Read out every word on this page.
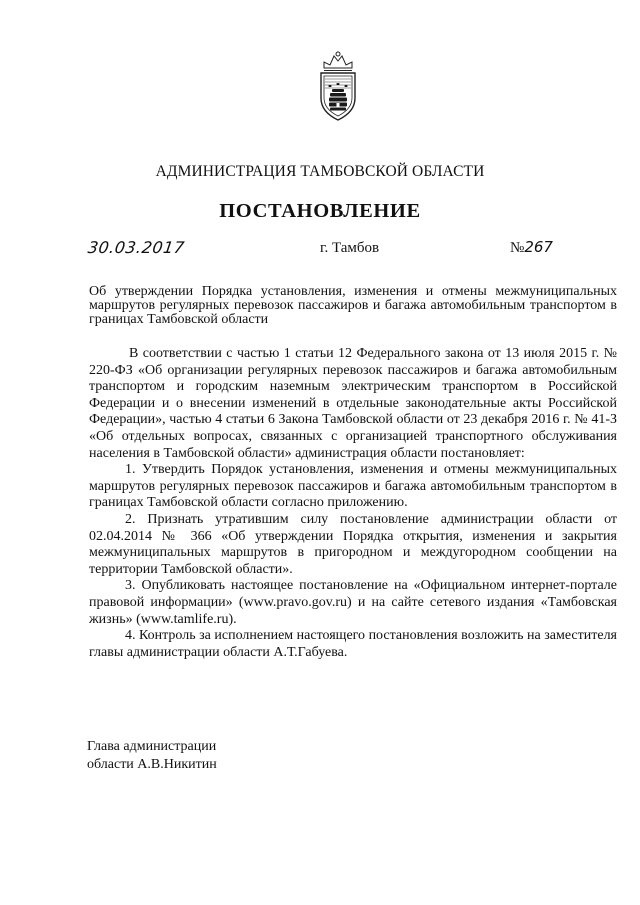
АДМИНИСТРАЦИЯ ТАМБОВСКОЙ ОБЛАСТИ
ПОСТАНОВЛЕНИЕ
30.03.2017	г. Тамбов	№267
Об утверждении Порядка установления, изменения и отмены межмуниципальных маршрутов регулярных перевозок пассажиров и багажа автомобильным транспортом в границах Тамбовской области

В соответствии с частью 1 статьи 12 Федерального закона от 13 июля 2015 г. № 220-ФЗ «Об организации регулярных перевозок пассажиров и багажа автомобильным транспортом и городским наземным электрическим транспортом в Российской Федерации и о внесении изменений в отдельные законодательные акты Российской Федерации», частью 4 статьи 6 Закона Тамбовской области от 23 декабря 2016 г. № 41-З «Об отдельных вопросах, связанных с организацией транспортного обслуживания населения в Тамбовской области» администрация области постановляет:

1. Утвердить Порядок установления, изменения и отмены межмуниципальных маршрутов регулярных перевозок пассажиров и багажа автомобильным транспортом в границах Тамбовской области согласно приложению.

2. Признать утратившим силу постановление администрации области от 02.04.2014 № 366 «Об утверждении Порядка открытия, изменения и закрытия межмуниципальных маршрутов в пригородном и междугородном сообщении на территории Тамбовской области».

3. Опубликовать настоящее постановление на «Официальном интернет-портале правовой информации» (www.pravo.gov.ru) и на сайте сетевого издания «Тамбовская жизнь» (www.tamlife.ru).

4. Контроль за исполнением настоящего постановления возложить на заместителя главы администрации области А.Т.Габуева.

Глава администрации
области А.В.Никитин
